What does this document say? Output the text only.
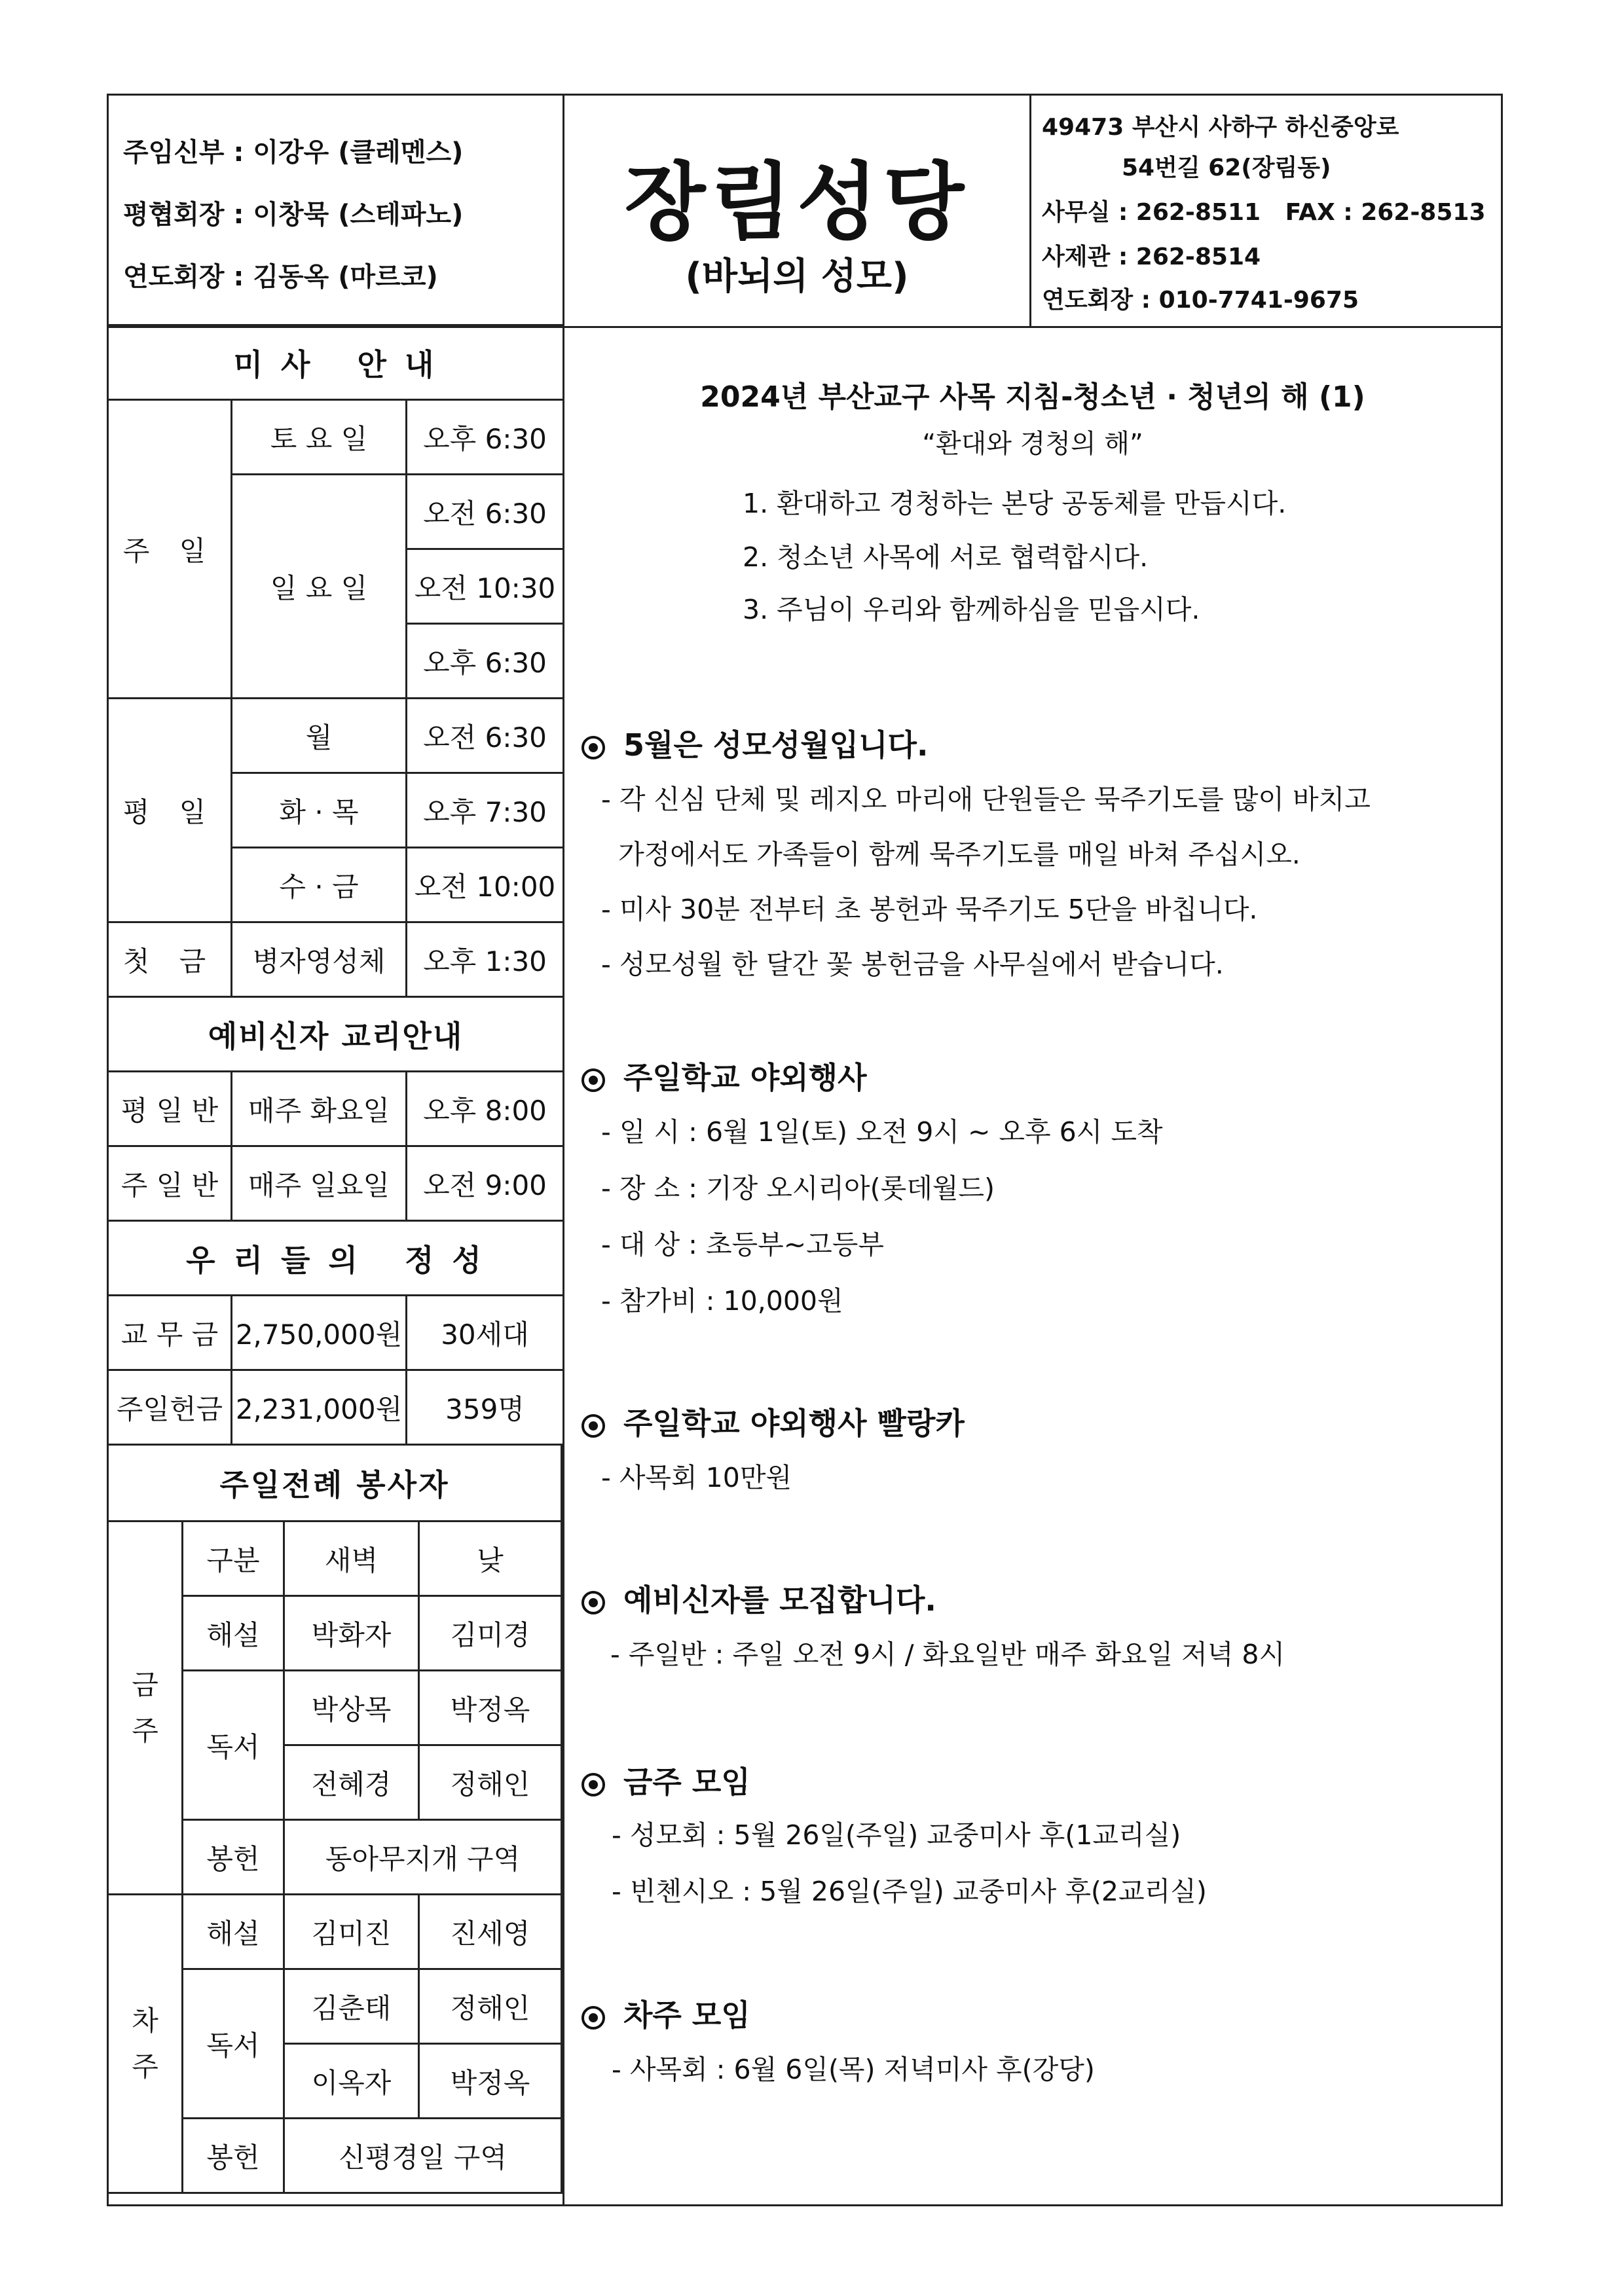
주임신부 : 이강우 (클레멘스)
평협회장 : 이창묵 (스테파노)
연도회장 : 김동옥 (마르코)
장림성당
(바뇌의 성모)
49473 부산시 사하구 하신중앙로
54번길 62(장림동)
사무실 : 262-8511   FAX : 262-8513
사제관 : 262-8514
연도회장 : 010-7741-9675
미 사   안 내		
주 일	토 요 일	오후 6:30
	일 요 일	오전 6:30
		오전 10:30
		오후 6:30
평 일	월	오전 6:30
	화 · 목	오후 7:30
	수 · 금	오전 10:00
첫 금	병자영성체	오후 1:30
예비신자 교리안내		
평 일 반	매주 화요일	오후 8:00
주 일 반	매주 일요일	오전 9:00
우 리 들 의   정 성		
교 무 금	2,750,000원	30세대
주일헌금	2,231,000원	359명
주일전례 봉사자			
금 주	구분	새벽	낮
	해설	박화자	김미경
	독서	박상목	박정옥
		전혜경	정해인
	봉헌	동아무지개 구역	

차 주	해설	김미진	진세영
	독서	김춘태	정해인
		이옥자	박정옥
	봉헌	신평경일 구역	
2024년 부산교구 사목 지침-청소년 · 청년의 해 (1)
“환대와 경청의 해”
1. 환대하고 경청하는 본당 공동체를 만듭시다.
2. 청소년 사목에 서로 협력합시다.
3. 주님이 우리와 함께하심을 믿읍시다.
5월은 성모성월입니다.
- 각 신심 단체 및 레지오 마리애 단원들은 묵주기도를 많이 바치고
가정에서도 가족들이 함께 묵주기도를 매일 바쳐 주십시오.
- 미사 30분 전부터 초 봉헌과 묵주기도 5단을 바칩니다.
- 성모성월 한 달간 꽃 봉헌금을 사무실에서 받습니다.
주일학교 야외행사
- 일 시 : 6월 1일(토) 오전 9시 ~ 오후 6시 도착
- 장 소 : 기장 오시리아(롯데월드)
- 대 상 : 초등부~고등부
- 참가비 : 10,000원
주일학교 야외행사 빨랑카
- 사목회 10만원
예비신자를 모집합니다.
- 주일반 : 주일 오전 9시 / 화요일반 매주 화요일 저녁 8시
금주 모임
- 성모회 : 5월 26일(주일) 교중미사 후(1교리실)
- 빈첸시오 : 5월 26일(주일) 교중미사 후(2교리실)
차주 모임
- 사목회 : 6월 6일(목) 저녁미사 후(강당)
